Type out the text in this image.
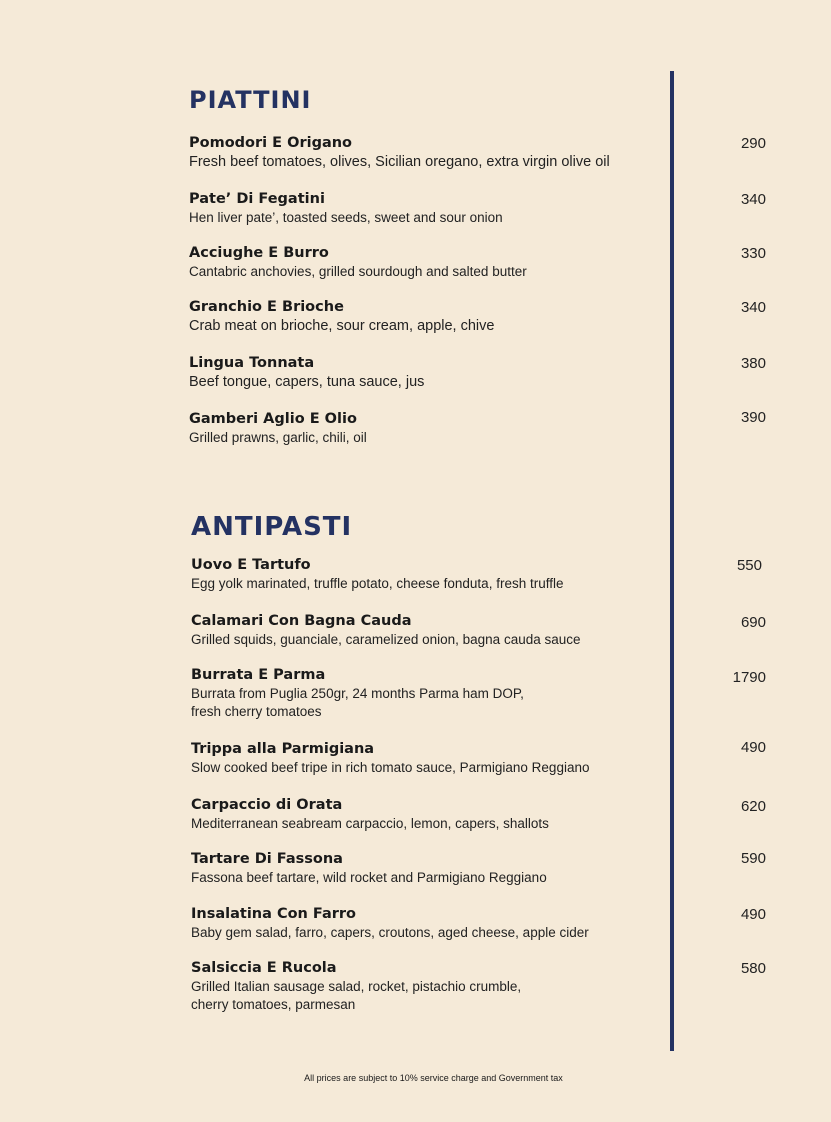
PIATTINI
Pomodori E Origano
Fresh beef tomatoes, olives, Sicilian oregano, extra virgin olive oil
290
Pate’ Di Fegatini
Hen liver pate’, toasted seeds, sweet and sour onion
340
Acciughe E Burro
Cantabric anchovies, grilled sourdough and salted butter
330
Granchio E Brioche
Crab meat on brioche, sour cream, apple, chive
340
Lingua Tonnata
Beef tongue, capers, tuna sauce, jus
380
Gamberi Aglio E Olio
Grilled prawns, garlic, chili, oil
390
ANTIPASTI
Uovo E Tartufo
Egg yolk marinated, truffle potato, cheese fonduta, fresh truffle
550
Calamari Con Bagna Cauda
Grilled squids, guanciale, caramelized onion, bagna cauda sauce
690
Burrata E Parma
Burrata from Puglia 250gr, 24 months Parma ham DOP,
fresh cherry tomatoes
1790
Trippa alla Parmigiana
Slow cooked beef tripe in rich tomato sauce, Parmigiano Reggiano
490
Carpaccio di Orata
Mediterranean seabream carpaccio, lemon, capers, shallots
620
Tartare Di Fassona
Fassona beef tartare, wild rocket and Parmigiano Reggiano
590
Insalatina Con Farro
Baby gem salad, farro, capers, croutons, aged cheese, apple cider
490
Salsiccia E Rucola
Grilled Italian sausage salad, rocket, pistachio crumble,
cherry tomatoes, parmesan
580
All prices are subject to 10% service charge and Government tax
